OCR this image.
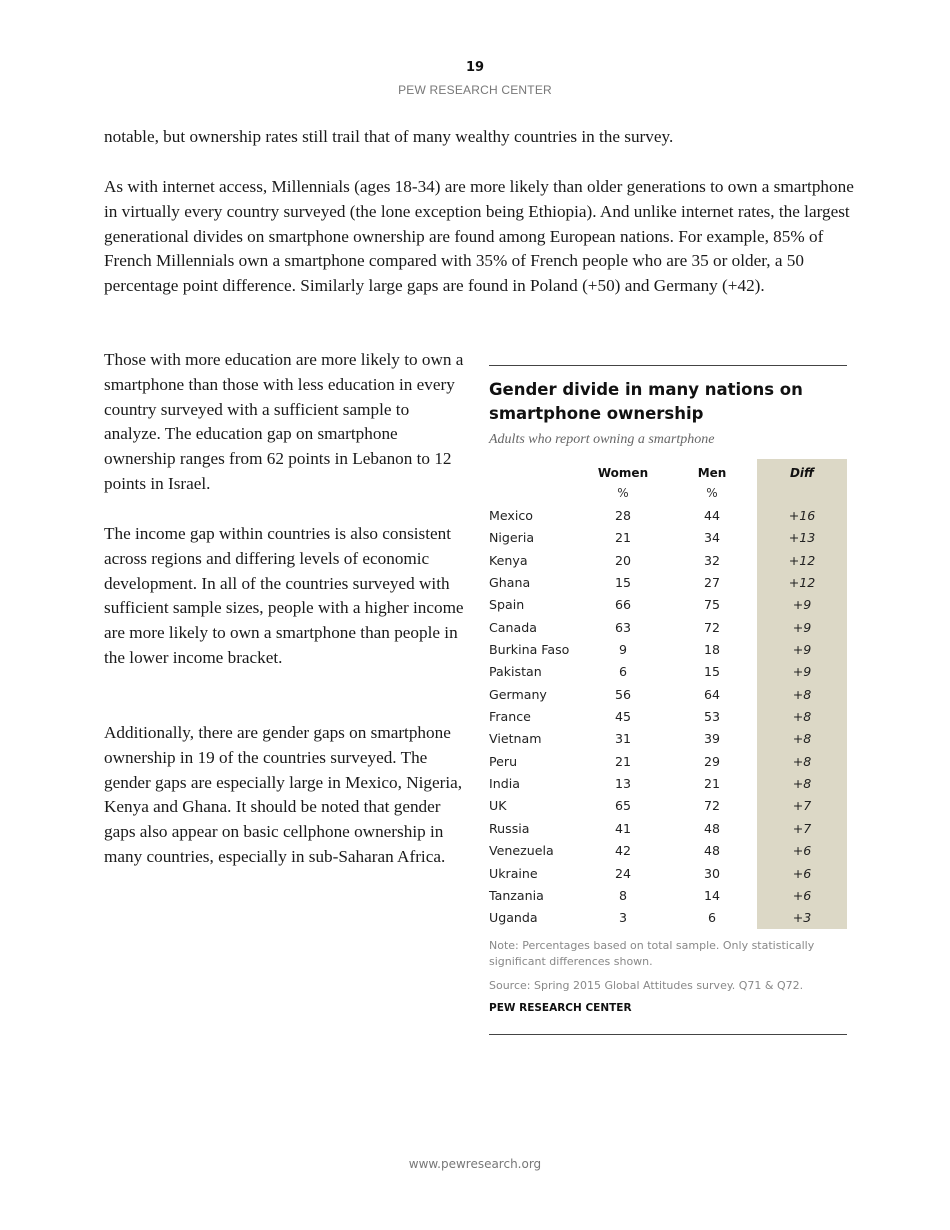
19
PEW RESEARCH CENTER

notable, but ownership rates still trail that of many wealthy countries in the survey.

As with internet access, Millennials (ages 18-34) are more likely than older generations to own a smartphone in virtually every country surveyed (the lone exception being Ethiopia). And unlike internet rates, the largest generational divides on smartphone ownership are found among European nations. For example, 85% of French Millennials own a smartphone compared with 35% of French people who are 35 or older, a 50 percentage point difference. Similarly large gaps are found in Poland (+50) and Germany (+42).

Those with more education are more likely to own a smartphone than those with less education in every country surveyed with a sufficient sample to analyze. The education gap on smartphone ownership ranges from 62 points in Lebanon to 12 points in Israel.

The income gap within countries is also consistent across regions and differing levels of economic development. In all of the countries surveyed with sufficient sample sizes, people with a higher income are more likely to own a smartphone than people in the lower income bracket.

Additionally, there are gender gaps on smartphone ownership in 19 of the countries surveyed. The gender gaps are especially large in Mexico, Nigeria, Kenya and Ghana. It should be noted that gender gaps also appear on basic cellphone ownership in many countries, especially in sub-Saharan Africa.

Gender divide in many nations on smartphone ownership

Adults who report owning a smartphone

Women	Men	Diff
%	%
Mexico	28	44	+16
Nigeria	21	34	+13
Kenya	20	32	+12
Ghana	15	27	+12
Spain	66	75	+9
Canada	63	72	+9
Burkina Faso	9	18	+9
Pakistan	6	15	+9
Germany	56	64	+8
France	45	53	+8
Vietnam	31	39	+8
Peru	21	29	+8
India	13	21	+8
UK	65	72	+7
Russia	41	48	+7
Venezuela	42	48	+6
Ukraine	24	30	+6
Tanzania	8	14	+6
Uganda	3	6	+3

Note: Percentages based on total sample. Only statistically significant differences shown.

Source: Spring 2015 Global Attitudes survey. Q71 & Q72.

PEW RESEARCH CENTER

www.pewresearch.org
